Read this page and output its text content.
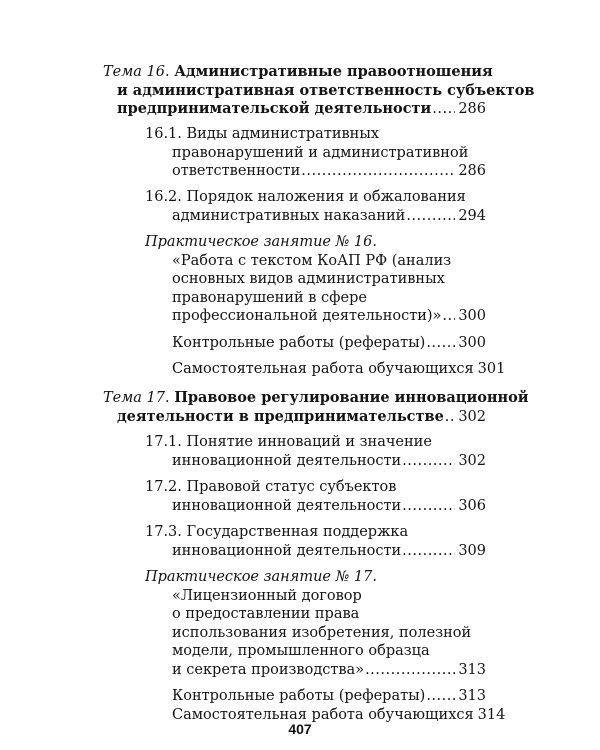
Тема 16. Административные правоотношения
и административная ответственность субъектов
предпринимательской деятельности ..... 286
16.1. Виды административных
правонарушений и административной
ответственности .....	286
16.2. Порядок наложения и обжалования
административных наказаний .....	294
Практическое занятие № 16.
«Работа с текстом КоАП РФ (анализ
основных видов административных
правонарушений в сфере
профессиональной деятельности)» ..... 300
Контрольные работы (рефераты) ..... 300
Самостоятельная работа обучающихся 301
Тема 17. Правовое регулирование инновационной
деятельности в предпринимательстве ..... 302
17.1. Понятие инноваций и значение
инновационной деятельности .....	302
17.2. Правовой статус субъектов
инновационной деятельности .....	306
17.3. Государственная поддержка
инновационной деятельности .....	309
Практическое занятие № 17.
«Лицензионный договор
о предоставлении права
использования изобретения, полезной
модели, промышленного образца
и секрета производства» .....	313
Контрольные работы (рефераты) ..... 313
Самостоятельная работа обучающихся 314
407
